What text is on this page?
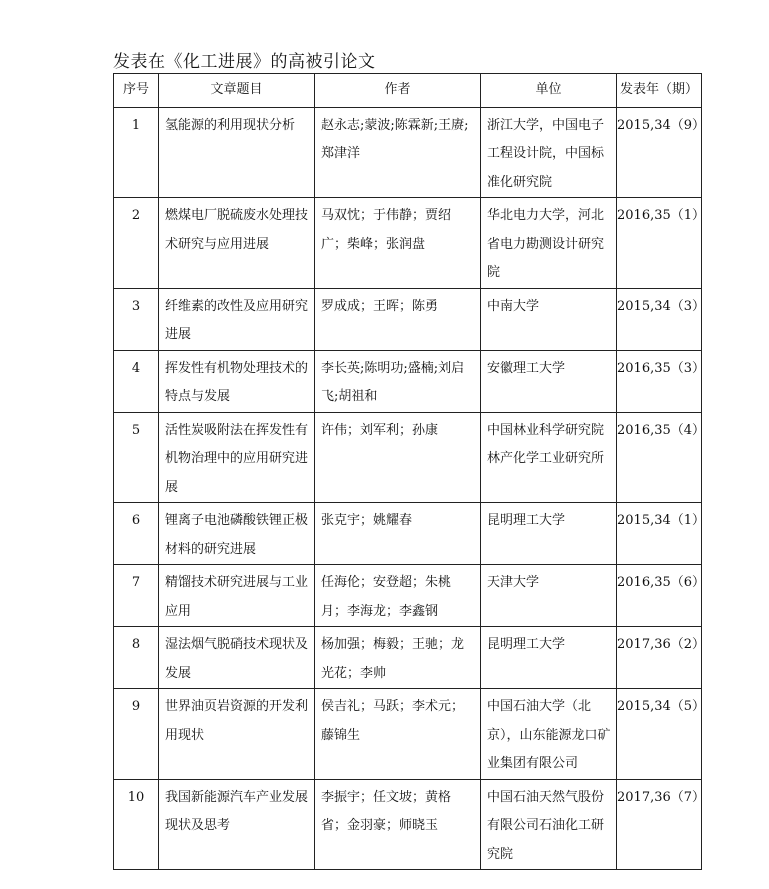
发表在《化工进展》的高被引论文
序号	文章题目	作者	单位	发表年（期）
1	氢能源的利用现状分析	赵永志;蒙波;陈霖新;王赓;郑津洋	浙江大学，中国电子工程设计院，中国标准化研究院	2015,34（9）
2	燃煤电厂脱硫废水处理技术研究与应用进展	马双忱；于伟静；贾绍广；柴峰；张润盘	华北电力大学，河北省电力勘测设计研究院	2016,35（1）
3	纤维素的改性及应用研究进展	罗成成；王晖；陈勇	中南大学	2015,34（3）
4	挥发性有机物处理技术的特点与发展	李长英;陈明功;盛楠;刘启飞;胡祖和	安徽理工大学	2016,35（3）
5	活性炭吸附法在挥发性有机物治理中的应用研究进展	许伟；刘军利；孙康	中国林业科学研究院林产化学工业研究所	2016,35（4）
6	锂离子电池磷酸铁锂正极材料的研究进展	张克宇；姚耀春	昆明理工大学	2015,34（1）
7	精馏技术研究进展与工业应用	任海伦；安登超；朱桃月；李海龙；李鑫钢	天津大学	2016,35（6）
8	湿法烟气脱硝技术现状及发展	杨加强；梅毅；王驰；龙光花；李帅	昆明理工大学	2017,36（2）
9	世界油页岩资源的开发利用现状	侯吉礼；马跃；李术元；藤锦生	中国石油大学（北京），山东能源龙口矿业集团有限公司	2015,34（5）
10	我国新能源汽车产业发展现状及思考	李振宇；任文坡；黄格省；金羽豪；师晓玉	中国石油天然气股份有限公司石油化工研究院	2017,36（7）
